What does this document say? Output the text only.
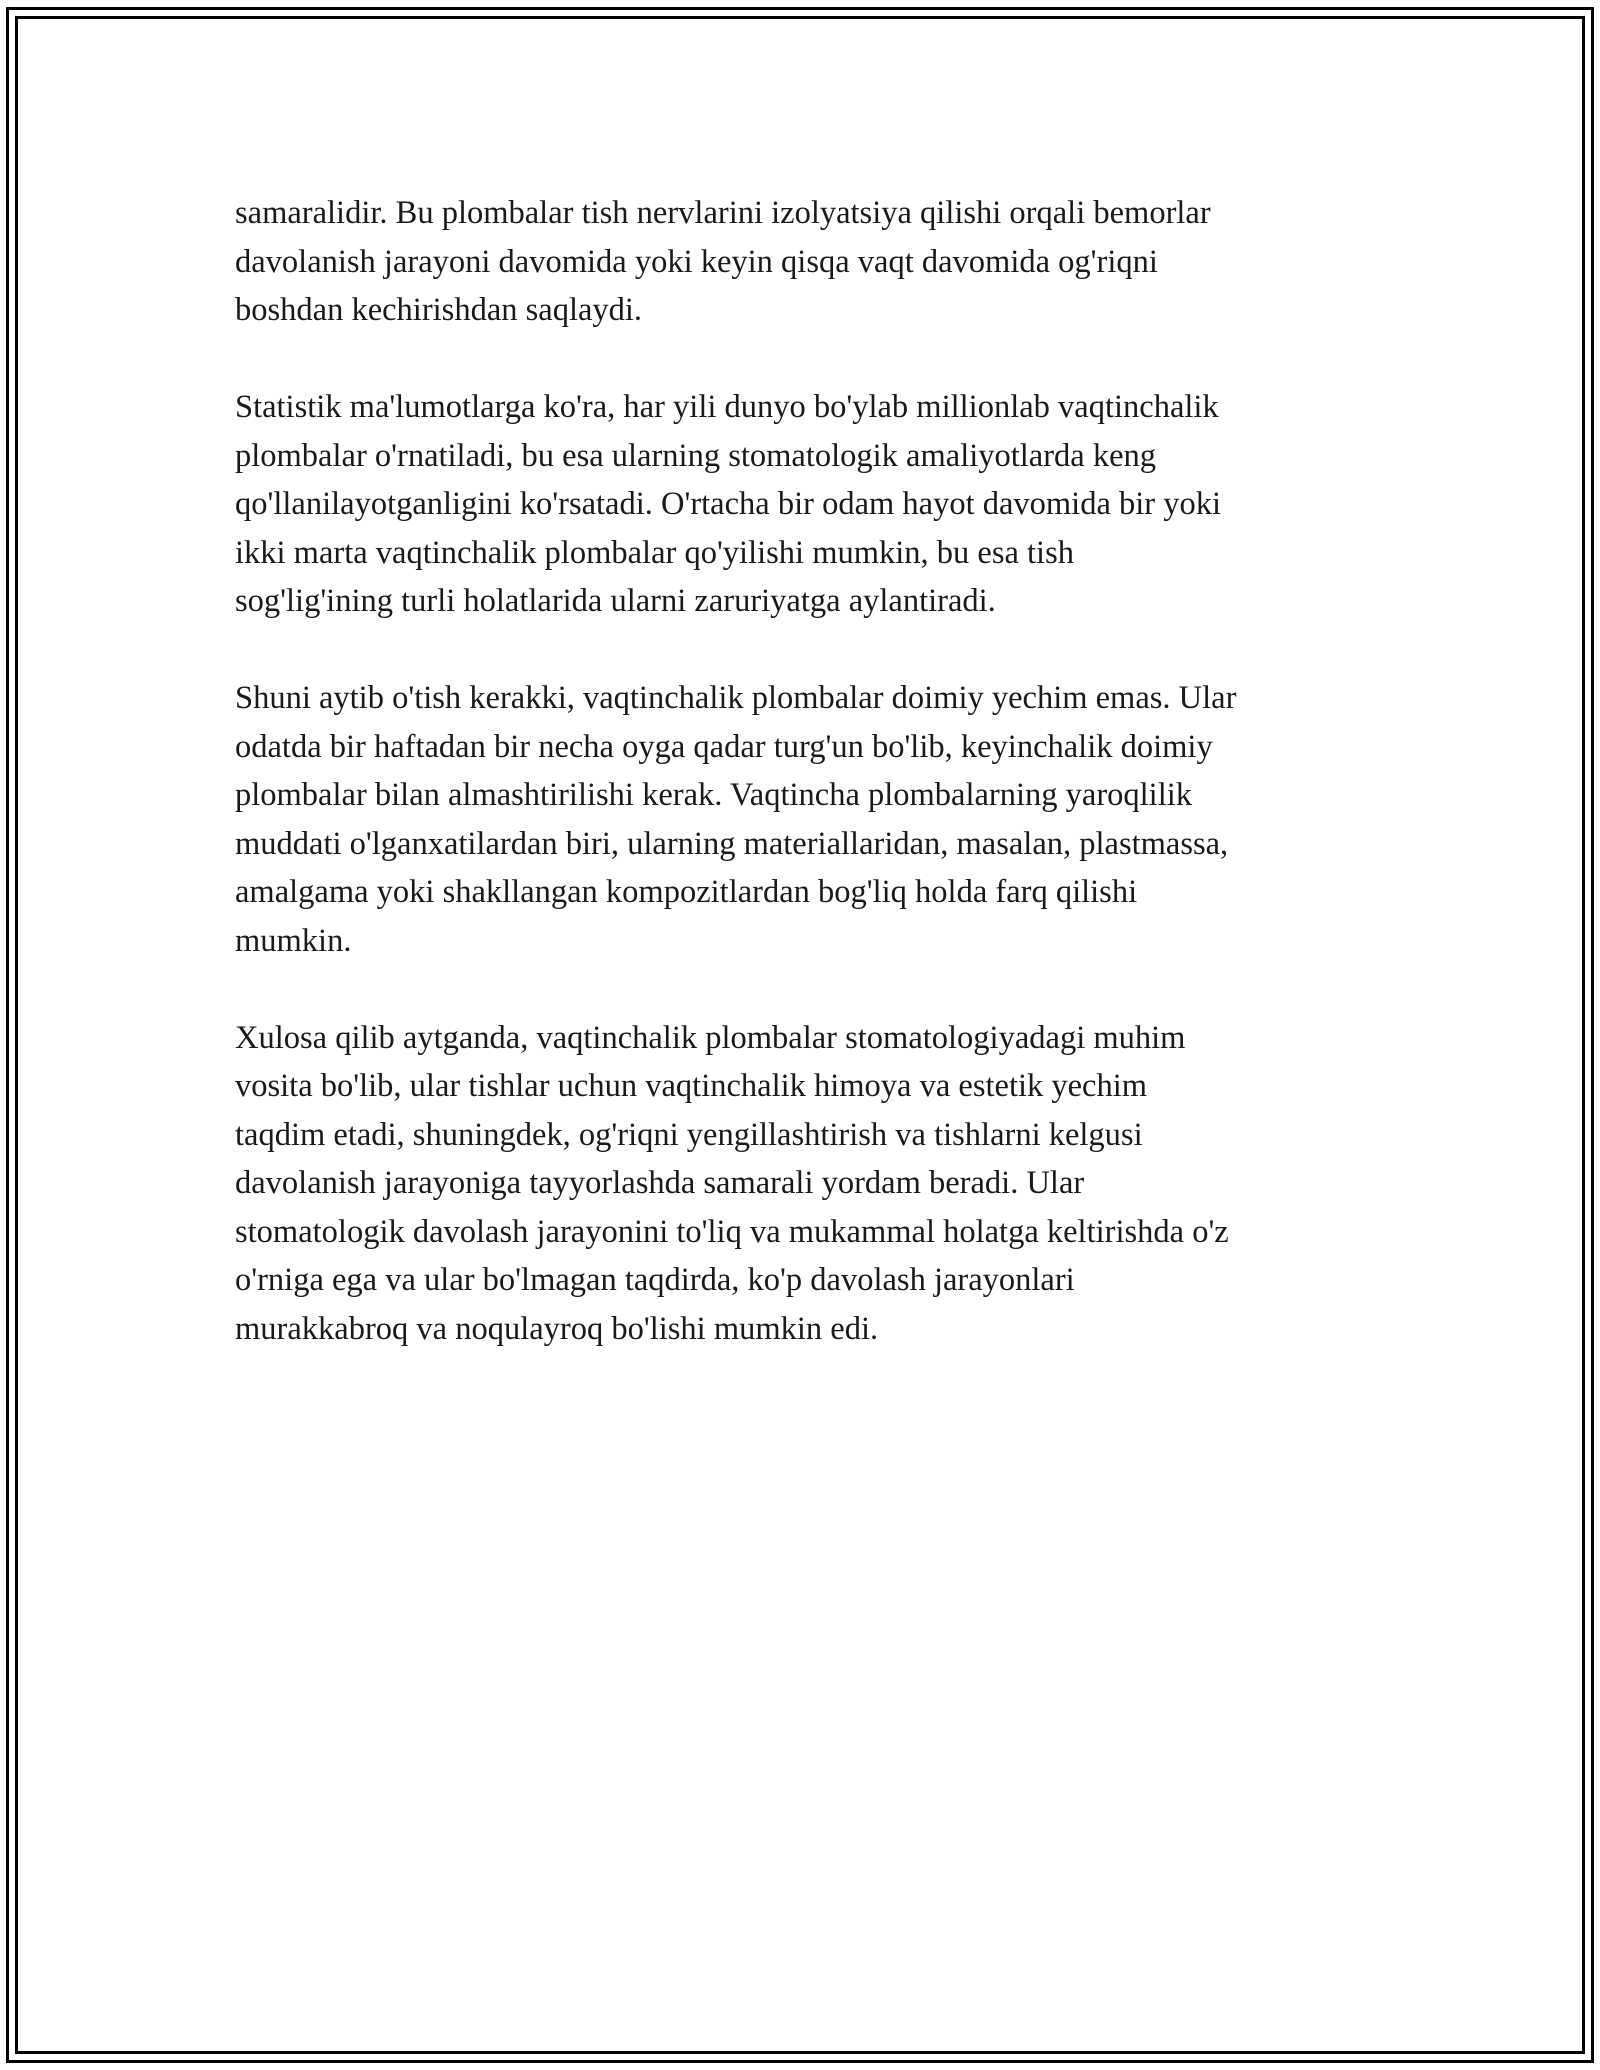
samaralidir. Bu plombalar tish nervlarini izolyatsiya qilishi orqali bemorlar
davolanish jarayoni davomida yoki keyin qisqa vaqt davomida og'riqni
boshdan kechirishdan saqlaydi.

Statistik ma'lumotlarga ko'ra, har yili dunyo bo'ylab millionlab vaqtinchalik
plombalar o'rnatiladi, bu esa ularning stomatologik amaliyotlarda keng
qo'llanilayotganligini ko'rsatadi. O'rtacha bir odam hayot davomida bir yoki
ikki marta vaqtinchalik plombalar qo'yilishi mumkin, bu esa tish
sog'lig'ining turli holatlarida ularni zaruriyatga aylantiradi.

Shuni aytib o'tish kerakki, vaqtinchalik plombalar doimiy yechim emas. Ular
odatda bir haftadan bir necha oyga qadar turg'un bo'lib, keyinchalik doimiy
plombalar bilan almashtirilishi kerak. Vaqtincha plombalarning yaroqlilik
muddati o'lganxatilardan biri, ularning materiallaridan, masalan, plastmassa,
amalgama yoki shakllangan kompozitlardan bog'liq holda farq qilishi
mumkin.

Xulosa qilib aytganda, vaqtinchalik plombalar stomatologiyadagi muhim
vosita bo'lib, ular tishlar uchun vaqtinchalik himoya va estetik yechim
taqdim etadi, shuningdek, og'riqni yengillashtirish va tishlarni kelgusi
davolanish jarayoniga tayyorlashda samarali yordam beradi. Ular
stomatologik davolash jarayonini to'liq va mukammal holatga keltirishda o'z
o'rniga ega va ular bo'lmagan taqdirda, ko'p davolash jarayonlari
murakkabroq va noqulayroq bo'lishi mumkin edi.
